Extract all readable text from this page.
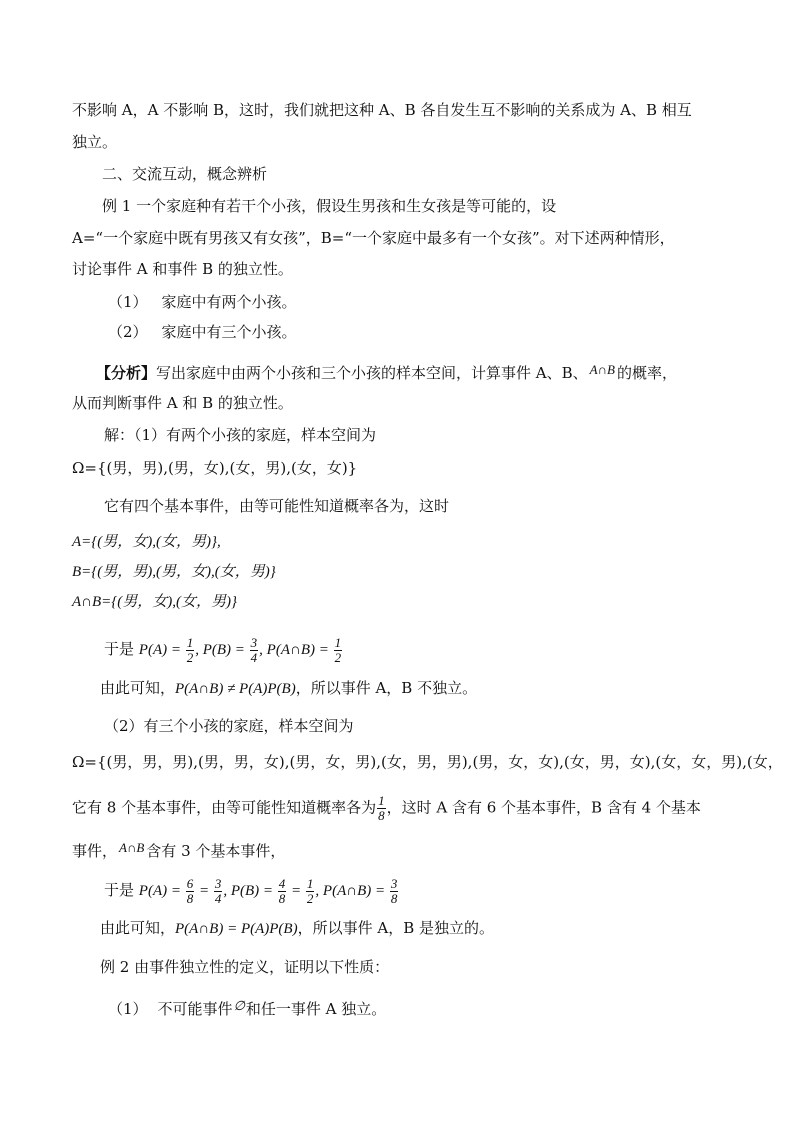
不影响 A，A 不影响 B，这时，我们就把这种 A、B 各自发生互不影响的关系成为 A、B 相互
独立。
二、交流互动，概念辨析
例 1 一个家庭种有若干个小孩，假设生男孩和生女孩是等可能的，设
A=“一个家庭中既有男孩又有女孩”，B=“一个家庭中最多有一个女孩”。对下述两种情形，
讨论事件 A 和事件 B 的独立性。
（1） 家庭中有两个小孩。
（2） 家庭中有三个小孩。
【分析】写出家庭中由两个小孩和三个小孩的样本空间，计算事件 A、B、 A∩B 的概率，
从而判断事件 A 和 B 的独立性。
解：（1）有两个小孩的家庭，样本空间为
Ω={(男，男),(男，女),(女，男),(女，女)}
它有四个基本事件，由等可能性知道概率各为，这时
A={(男，女),(女，男)},
B={(男，男),(男，女),(女，男)}
A∩B={(男，女),(女，男)}
于是 $P(A) = \frac{1}{2}$ , $P(B) = \frac{3}{4}$ , P(A∩B) = $\frac{1}{2}$
由此可知，P(A∩B) ≠ P(A)P(B)，所以事件 A，B 不独立。
（2）有三个小孩的家庭，样本空间为
Ω={(男，男，男),(男，男，女),(男，女，男),(女，男，男),(男，女，女),(女，男，女),(女，女，男),(女，
它有 8 个基本事件，由等可能性知道概率各为 $\frac{1}{8}$ ，这时 A 含有 6 个基本事件，B 含有 4 个基本
事件， A∩B 含有 3 个基本事件，
于是 $P(A) = \frac{6}{8} = \frac{3}{4}$ , $P(B) = \frac{4}{8} = \frac{1}{2}$ , P(A∩B) = $\frac{3}{8}$
由此可知，P(A∩B) = P(A)P(B)，所以事件 A，B 是独立的。
例 2 由事件独立性的定义，证明以下性质：
（1） 不可能事件∅和任一事件 A 独立。
